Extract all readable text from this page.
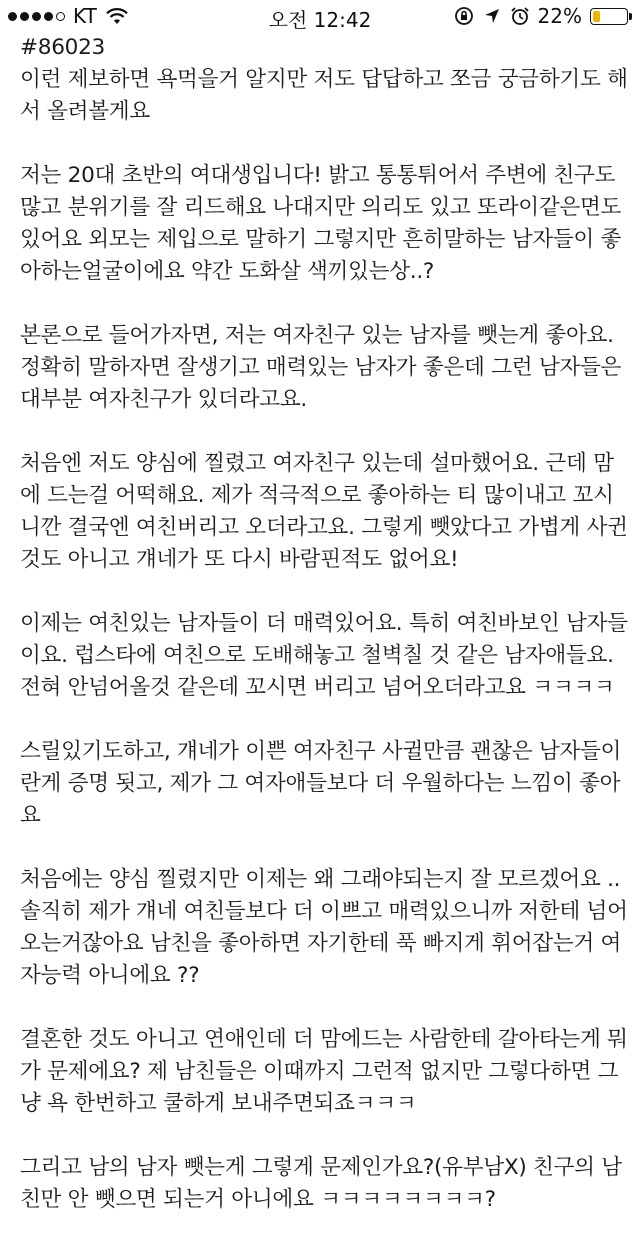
KT	오전 12:42	22%

#86023

이런 제보하면 욕먹을거 알지만 저도 답답하고 쪼금 궁금하기도 해서 올려볼게요

저는 20대 초반의 여대생입니다! 밝고 통통튀어서 주변에 친구도 많고 분위기를 잘 리드해요 나대지만 의리도 있고 또라이같은면도 있어요 외모는 제입으로 말하기 그렇지만 흔히말하는 남자들이 좋아하는얼굴이에요 약간 도화살 색끼있는상..?

본론으로 들어가자면, 저는 여자친구 있는 남자를 뺏는게 좋아요. 정확히 말하자면 잘생기고 매력있는 남자가 좋은데 그런 남자들은 대부분 여자친구가 있더라고요.

처음엔 저도 양심에 찔렸고 여자친구 있는데 설마했어요. 근데 맘에 드는걸 어떡해요. 제가 적극적으로 좋아하는 티 많이내고 꼬시니깐 결국엔 여친버리고 오더라고요. 그렇게 뺏았다고 가볍게 사귄것도 아니고 걔네가 또 다시 바람핀적도 없어요!

이제는 여친있는 남자들이 더 매력있어요. 특히 여친바보인 남자들이요. 럽스타에 여친으로 도배해놓고 철벽칠 것 같은 남자애들요. 전혀 안넘어올것 같은데 꼬시면 버리고 넘어오더라고요 ㅋㅋㅋㅋ

스릴있기도하고, 걔네가 이쁜 여자친구 사귈만큼 괜찮은 남자들이란게 증명 됫고, 제가 그 여자애들보다 더 우월하다는 느낌이 좋아요

처음에는 양심 찔렸지만 이제는 왜 그래야되는지 잘 모르겠어요 .. 솔직히 제가 걔네 여친들보다 더 이쁘고 매력있으니까 저한테 넘어오는거잖아요 남친을 좋아하면 자기한테 푹 빠지게 휘어잡는거 여자능력 아니에요 ??

결혼한 것도 아니고 연애인데 더 맘에드는 사람한테 갈아타는게 뭐가 문제에요? 제 남친들은 이때까지 그런적 없지만 그렇다하면 그냥 욕 한번하고 쿨하게 보내주면되죠ㅋㅋㅋ

그리고 남의 남자 뺏는게 그렇게 문제인가요?(유부남X) 친구의 남친만 안 뺏으면 되는거 아니에요 ㅋㅋㅋㅋㅋㅋㅋㅋ?
